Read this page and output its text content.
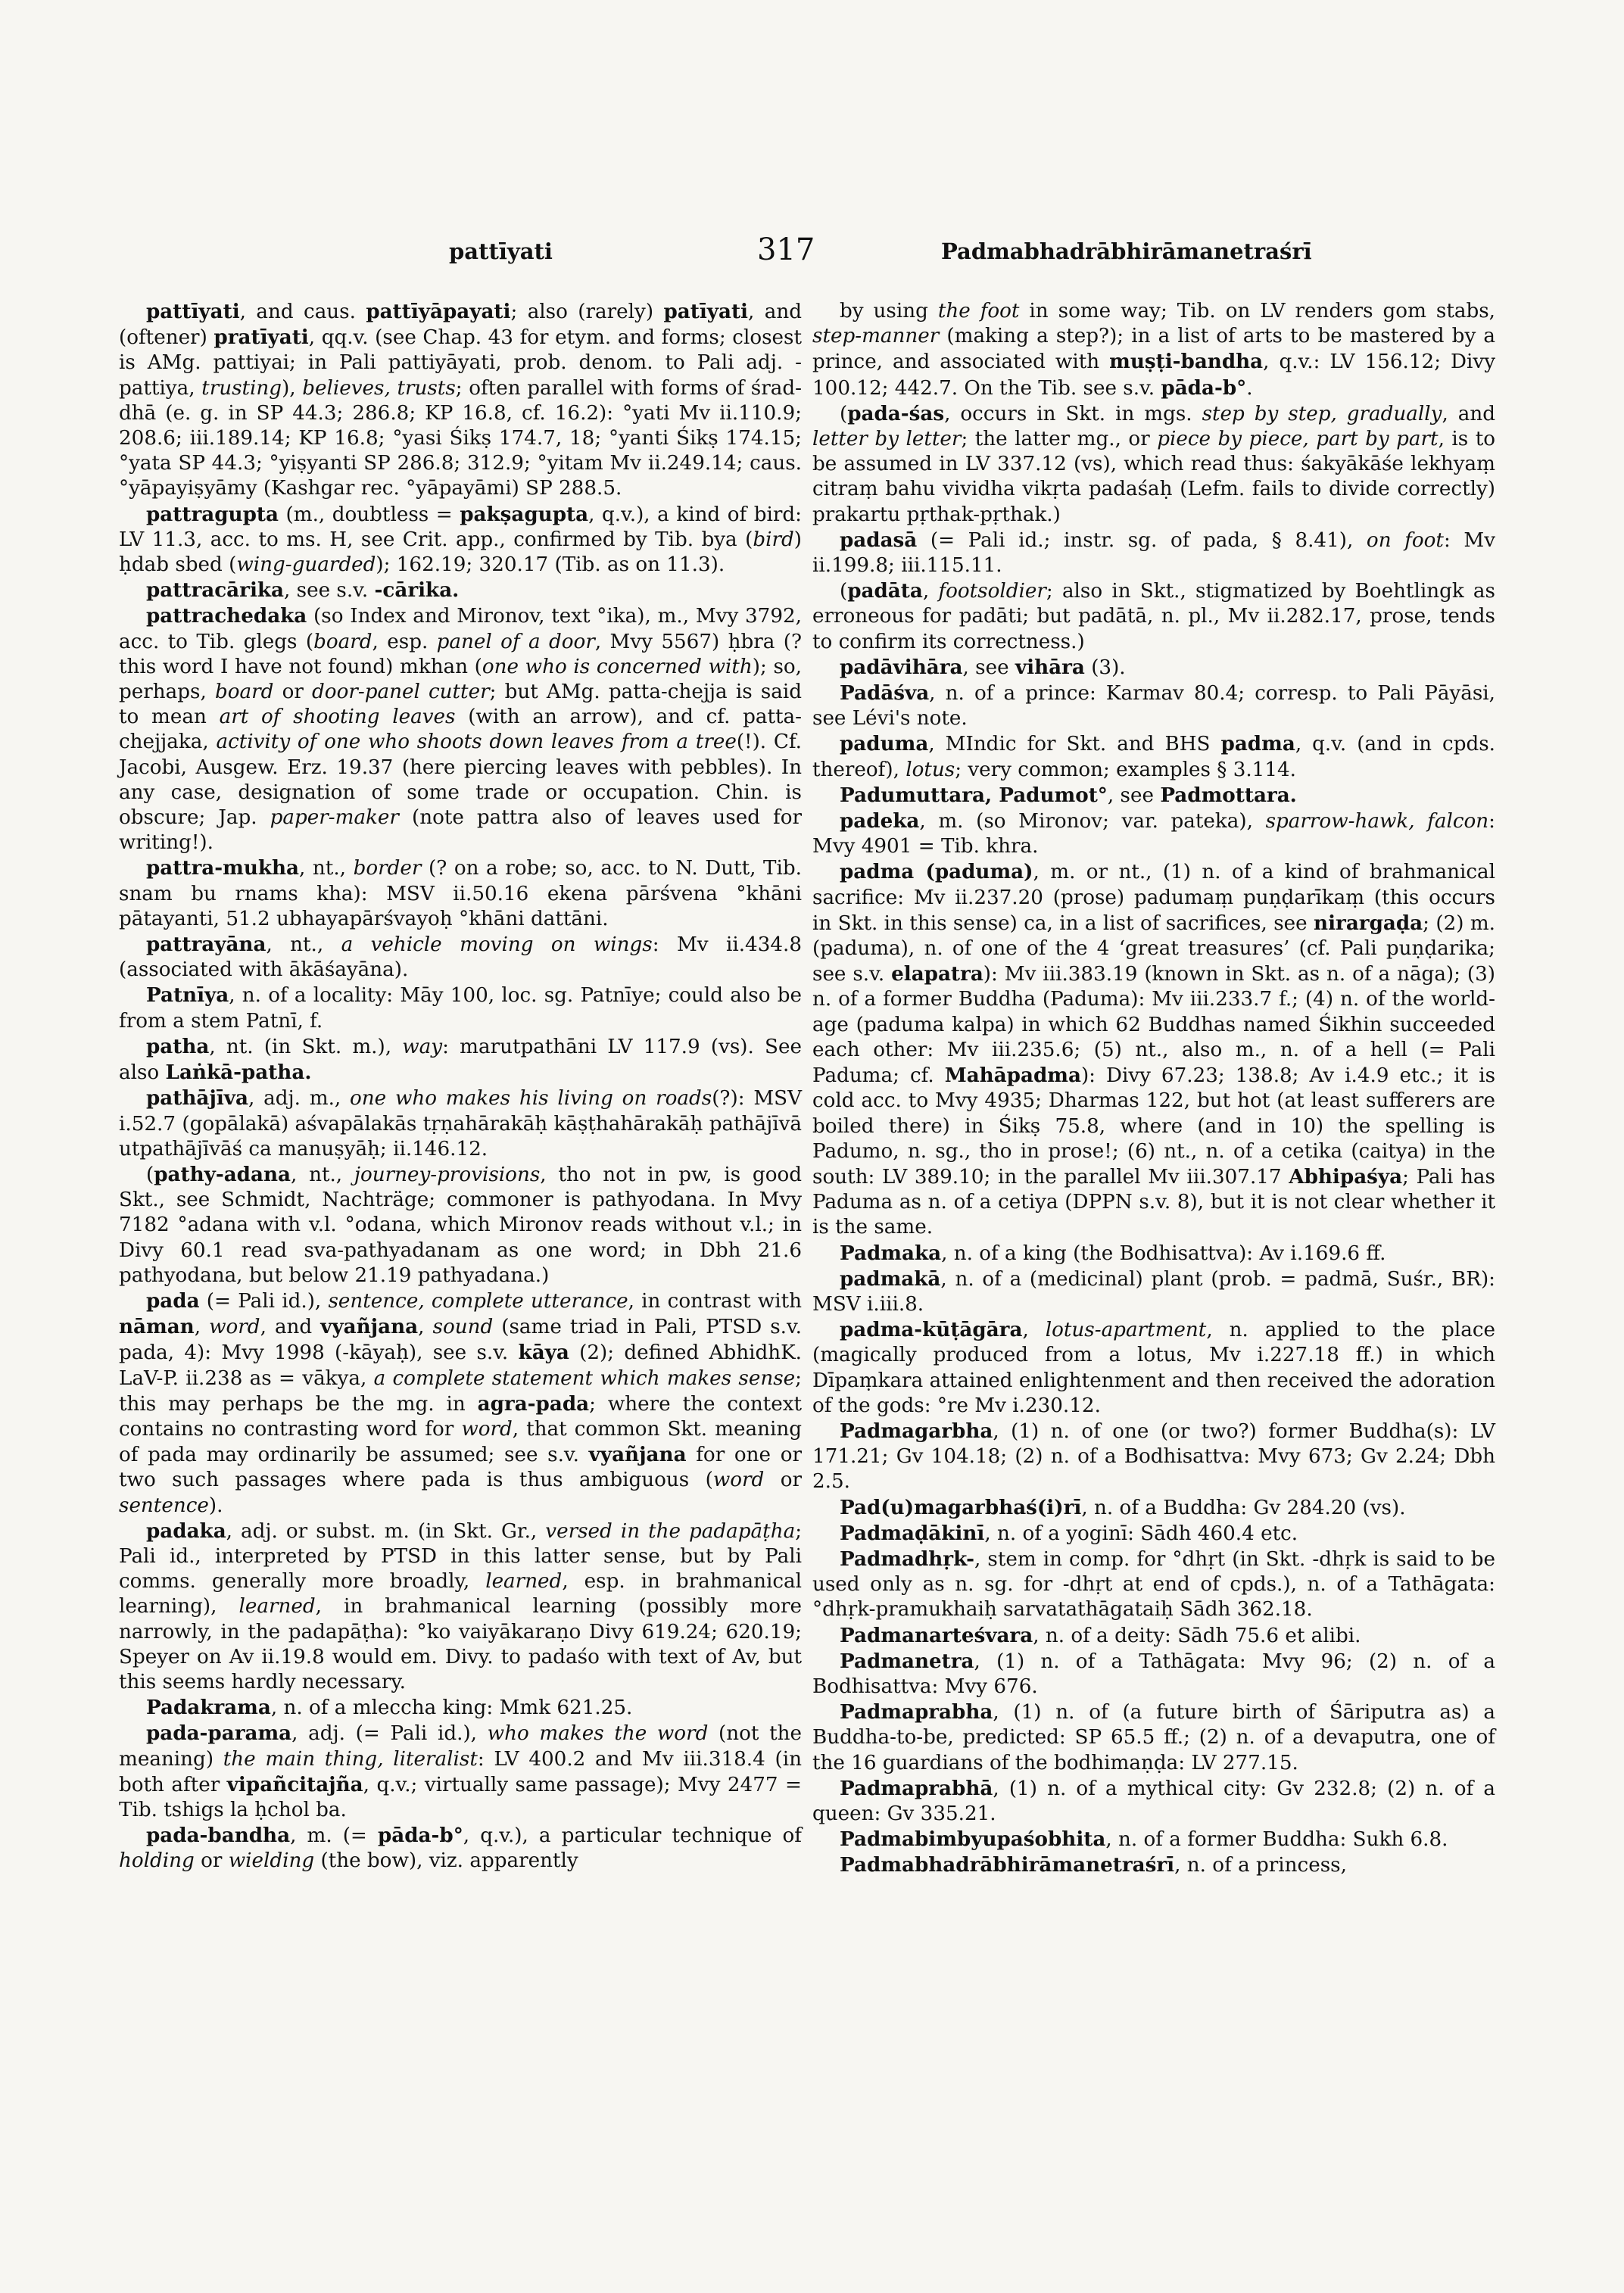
pattīyati	317	Padmabhadrābhirāmanetraśrī

pattīyati, and caus. pattīyāpayati; also (rarely) patīyati, and (oftener) pratīyati, qq.v. (see Chap. 43 for etym. and forms; closest is AMg. pattiyai; in Pali pattiyāyati, prob. denom. to Pali adj. -pattiya, trusting), believes, trusts; often parallel with forms of śrad-dhā (e. g. in SP 44.3; 286.8; KP 16.8, cf. 16.2): °yati Mv ii.110.9; 208.6; iii.189.14; KP 16.8; °yasi Śikṣ 174.7, 18; °yanti Śikṣ 174.15; °yata SP 44.3; °yiṣyanti SP 286.8; 312.9; °yitam Mv ii.249.14; caus. °yāpayiṣyāmy (Kashgar rec. °yāpayāmi) SP 288.5.

pattragupta (m., doubtless = pakṣagupta, q.v.), a kind of bird: LV 11.3, acc. to ms. H, see Crit. app., confirmed by Tib. bya (bird) ḥdab sbed (wing-guarded); 162.19; 320.17 (Tib. as on 11.3).

pattracārika, see s.v. -cārika.

pattrachedaka (so Index and Mironov, text °ika), m., Mvy 3792, acc. to Tib. glegs (board, esp. panel of a door, Mvy 5567) ḥbra (? this word I have not found) mkhan (one who is concerned with); so, perhaps, board or door-panel cutter; but AMg. patta-chejja is said to mean art of shooting leaves (with an arrow), and cf. patta-chejjaka, activity of one who shoots down leaves from a tree(!). Cf. Jacobi, Ausgew. Erz. 19.37 (here piercing leaves with pebbles). In any case, designation of some trade or occupation. Chin. is obscure; Jap. paper-maker (note pattra also of leaves used for writing!).

pattra-mukha, nt., border (? on a robe; so, acc. to N. Dutt, Tib. snam bu rnams kha): MSV ii.50.16 ekena pārśvena °khāni pātayanti, 51.2 ubhayapārśvayoḥ °khāni dattāni.

pattrayāna, nt., a vehicle moving on wings: Mv ii.434.8 (associated with ākāśayāna).

Patnīya, n. of a locality: Māy 100, loc. sg. Patnīye; could also be from a stem Patnī, f.

patha, nt. (in Skt. m.), way: marutpathāni LV 117.9 (vs). See also Laṅkā-patha.

pathājīva, adj. m., one who makes his living on roads(?): MSV i.52.7 (gopālakā) aśvapālakās tṛṇahārakāḥ kāṣṭhahārakāḥ pathājīvā utpathājīvāś ca manuṣyāḥ; ii.146.12.

(pathy-adana, nt., journey-provisions, tho not in pw, is good Skt., see Schmidt, Nachträge; commoner is pathyodana. In Mvy 7182 °adana with v.l. °odana, which Mironov reads without v.l.; in Divy 60.1 read sva-pathyadanam as one word; in Dbh 21.6 pathyodana, but below 21.19 pathyadana.)

pada (= Pali id.), sentence, complete utterance, in contrast with nāman, word, and vyañjana, sound (same triad in Pali, PTSD s.v. pada, 4): Mvy 1998 (-kāyaḥ), see s.v. kāya (2); defined AbhidhK. LaV-P. ii.238 as = vākya, a complete statement which makes sense; this may perhaps be the mg. in agra-pada; where the context contains no contrasting word for word, that common Skt. meaning of pada may ordinarily be assumed; see s.v. vyañjana for one or two such passages where pada is thus ambiguous (word or sentence).

padaka, adj. or subst. m. (in Skt. Gr., versed in the padapāṭha; Pali id., interpreted by PTSD in this latter sense, but by Pali comms. generally more broadly, learned, esp. in brahmanical learning), learned, in brahmanical learning (possibly more narrowly, in the padapāṭha): °ko vaiyākaraṇo Divy 619.24; 620.19; Speyer on Av ii.19.8 would em. Divy. to padaśo with text of Av, but this seems hardly necessary.

Padakrama, n. of a mleccha king: Mmk 621.25.

pada-parama, adj. (= Pali id.), who makes the word (not the meaning) the main thing, literalist: LV 400.2 and Mv iii.318.4 (in both after vipañcitajña, q.v.; virtually same passage); Mvy 2477 = Tib. tshigs la ḥchol ba.

pada-bandha, m. (= pāda-b°, q.v.), a particular technique of holding or wielding (the bow), viz. apparently

by using the foot in some way; Tib. on LV renders gom stabs, step-manner (making a step?); in a list of arts to be mastered by a prince, and associated with muṣṭi-bandha, q.v.: LV 156.12; Divy 100.12; 442.7. On the Tib. see s.v. pāda-b°.

(pada-śas, occurs in Skt. in mgs. step by step, gradually, and letter by letter; the latter mg., or piece by piece, part by part, is to be assumed in LV 337.12 (vs), which read thus: śakyākāśe lekhyaṃ citraṃ bahu vividha vikṛta padaśaḥ (Lefm. fails to divide correctly) prakartu pṛthak-pṛthak.)

padasā (= Pali id.; instr. sg. of pada, § 8.41), on foot: Mv ii.199.8; iii.115.11.

(padāta, footsoldier; also in Skt., stigmatized by Boehtlingk as erroneous for padāti; but padātā, n. pl., Mv ii.282.17, prose, tends to confirm its correctness.)

padāvihāra, see vihāra (3).

Padāśva, n. of a prince: Karmav 80.4; corresp. to Pali Pāyāsi, see Lévi's note.

paduma, MIndic for Skt. and BHS padma, q.v. (and in cpds. thereof), lotus; very common; examples § 3.114.

Padumuttara, Padumot°, see Padmottara.

padeka, m. (so Mironov; var. pateka), sparrow-hawk, falcon: Mvy 4901 = Tib. khra.

padma (paduma), m. or nt., (1) n. of a kind of brahmanical sacrifice: Mv ii.237.20 (prose) padumaṃ puṇḍarīkaṃ (this occurs in Skt. in this sense) ca, in a list of sacrifices, see nirargaḍa; (2) m. (paduma), n. of one of the 4 ‘great treasures’ (cf. Pali puṇḍarika; see s.v. elapatra): Mv iii.383.19 (known in Skt. as n. of a nāga); (3) n. of a former Buddha (Paduma): Mv iii.233.7 f.; (4) n. of the world-age (paduma kalpa) in which 62 Buddhas named Śikhin succeeded each other: Mv iii.235.6; (5) nt., also m., n. of a hell (= Pali Paduma; cf. Mahāpadma): Divy 67.23; 138.8; Av i.4.9 etc.; it is cold acc. to Mvy 4935; Dharmas 122, but hot (at least sufferers are boiled there) in Śikṣ 75.8, where (and in 10) the spelling is Padumo, n. sg., tho in prose!; (6) nt., n. of a cetika (caitya) in the south: LV 389.10; in the parallel Mv iii.307.17 Abhipaśya; Pali has Paduma as n. of a cetiya (DPPN s.v. 8), but it is not clear whether it is the same.

Padmaka, n. of a king (the Bodhisattva): Av i.169.6 ff.

padmakā, n. of a (medicinal) plant (prob. = padmā, Suśr., BR): MSV i.iii.8.

padma-kūṭāgāra, lotus-apartment, n. applied to the place (magically produced from a lotus, Mv i.227.18 ff.) in which Dīpaṃkara attained enlightenment and then received the adoration of the gods: °re Mv i.230.12.

Padmagarbha, (1) n. of one (or two?) former Buddha(s): LV 171.21; Gv 104.18; (2) n. of a Bodhisattva: Mvy 673; Gv 2.24; Dbh 2.5.

Pad(u)magarbhaś(i)rī, n. of a Buddha: Gv 284.20 (vs).

Padmaḍākinī, n. of a yoginī: Sādh 460.4 etc.

Padmadhṛk-, stem in comp. for °dhṛt (in Skt. -dhṛk is said to be used only as n. sg. for -dhṛt at end of cpds.), n. of a Tathāgata: °dhṛk-pramukhaiḥ sarvatathāgataiḥ Sādh 362.18.

Padmanarteśvara, n. of a deity: Sādh 75.6 et alibi.

Padmanetra, (1) n. of a Tathāgata: Mvy 96; (2) n. of a Bodhisattva: Mvy 676.

Padmaprabha, (1) n. of (a future birth of Śāriputra as) a Buddha-to-be, predicted: SP 65.5 ff.; (2) n. of a devaputra, one of the 16 guardians of the bodhimaṇḍa: LV 277.15.

Padmaprabhā, (1) n. of a mythical city: Gv 232.8; (2) n. of a queen: Gv 335.21.

Padmabimbyupaśobhita, n. of a former Buddha: Sukh 6.8.

Padmabhadrābhirāmanetraśrī, n. of a princess,
